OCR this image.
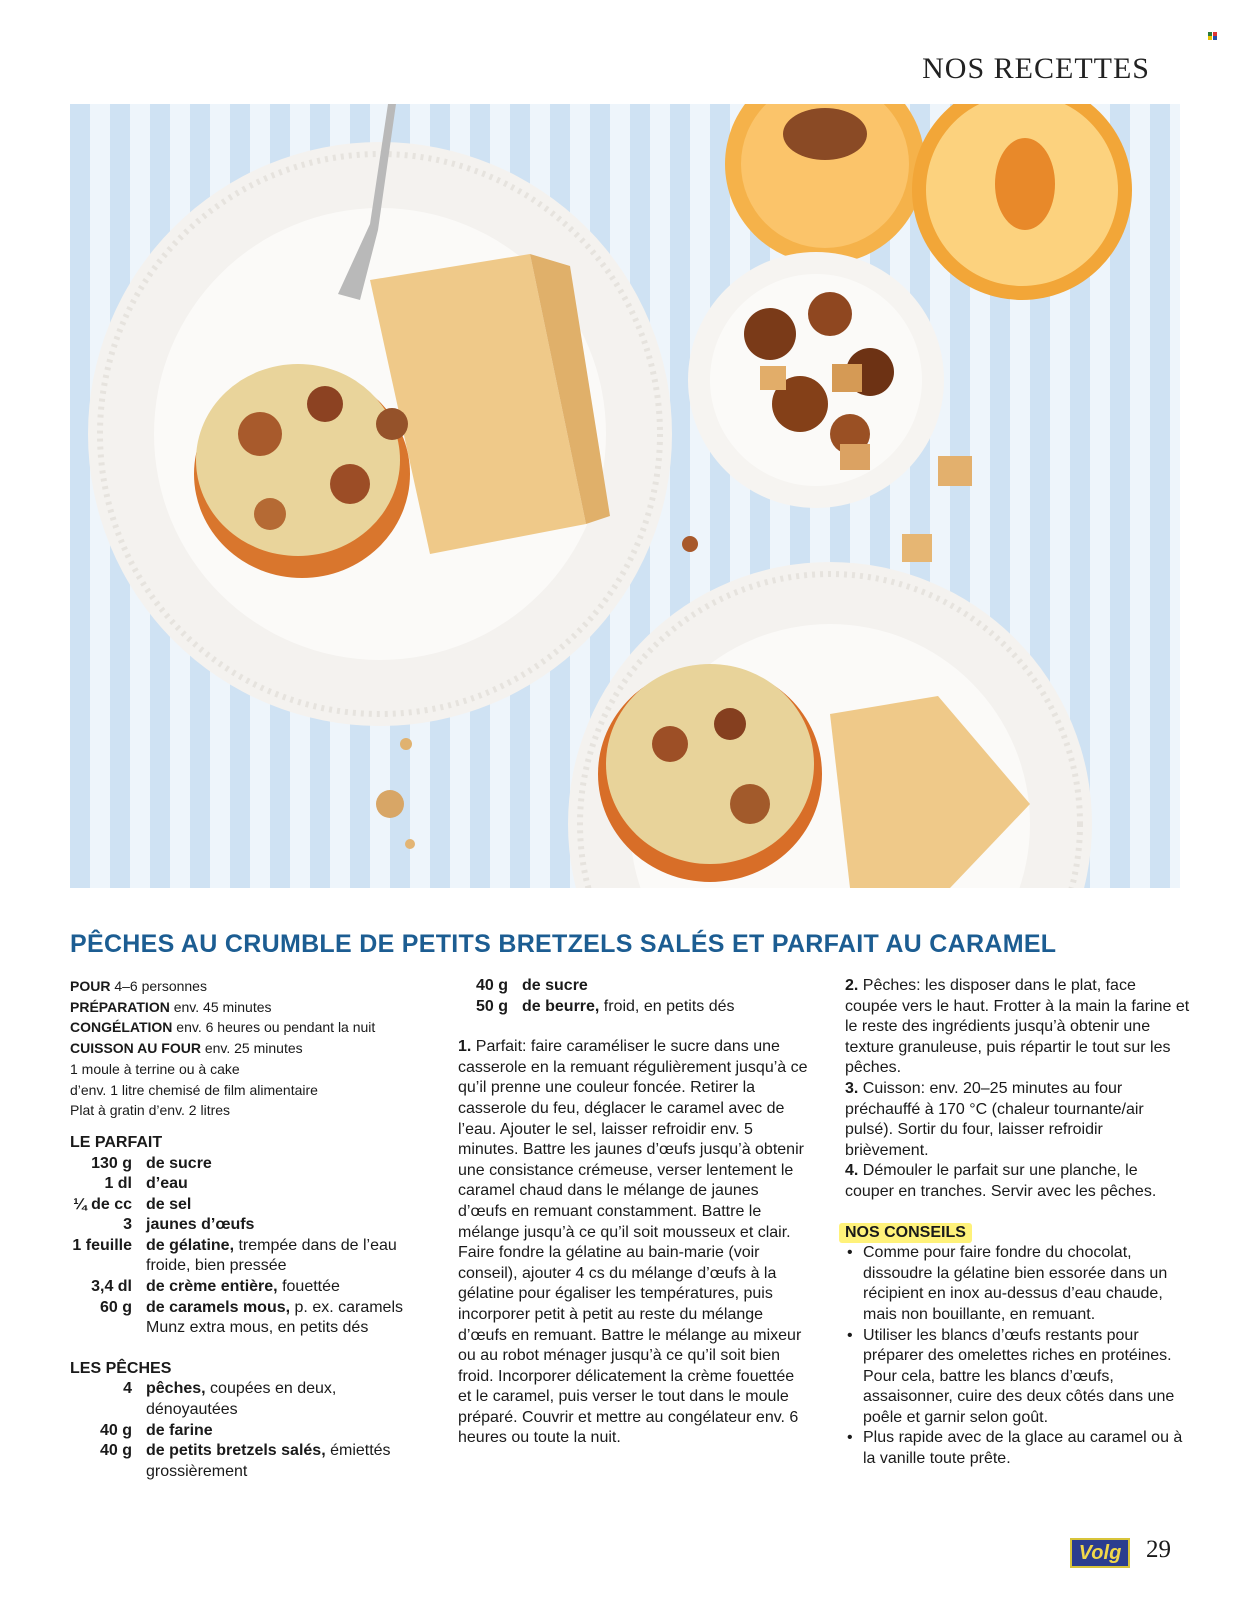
NOS RECETTES
PÊCHES AU CRUMBLE DE PETITS BRETZELS SALÉS ET PARFAIT AU CARAMEL
POUR 4–6 personnes
PRÉPARATION env. 45 minutes
CONGÉLATION env. 6 heures ou pendant la nuit
CUISSON AU FOUR env. 25 minutes
1 moule à terrine ou à cake
d’env. 1 litre chemisé de film alimentaire
Plat à gratin d’env. 2 litres
LE PARFAIT
130 g de sucre
1 dl d’eau
¼ de cc de sel
3 jaunes d’œufs
1 feuille de gélatine, trempée dans de l’eau froide, bien pressée
3,4 dl de crème entière, fouettée
60 g de caramels mous, p. ex. caramels Munz extra mous, en petits dés
LES PÊCHES
4 pêches, coupées en deux, dénoyautées
40 g de farine
40 g de petits bretzels salés, émiettés grossièrement
40 g de sucre
50 g de beurre, froid, en petits dés
1. Parfait: faire caraméliser le sucre dans une casserole en la remuant régulièrement jusqu’à ce qu’il prenne une couleur foncée. Retirer la casserole du feu, déglacer le caramel avec de l’eau. Ajouter le sel, laisser refroidir env. 5 minutes. Battre les jaunes d’œufs jusqu’à obtenir une consistance crémeuse, verser lentement le caramel chaud dans le mélange de jaunes d’œufs en remuant constamment. Battre le mélange jusqu’à ce qu’il soit mousseux et clair. Faire fondre la gélatine au bain-marie (voir conseil), ajouter 4 cs du mélange d’œufs à la gélatine pour égaliser les températures, puis incorporer petit à petit au reste du mélange d’œufs en remuant. Battre le mélange au mixeur ou au robot ménager jusqu’à ce qu’il soit bien froid. Incorporer délicatement la crème fouettée et le caramel, puis verser le tout dans le moule préparé. Couvrir et mettre au congélateur env. 6 heures ou toute la nuit.
2. Pêches: les disposer dans le plat, face coupée vers le haut. Frotter à la main la farine et le reste des ingrédients jusqu’à obtenir une texture granuleuse, puis répartir le tout sur les pêches.
3. Cuisson: env. 20–25 minutes au four préchauffé à 170 °C (chaleur tournante/air pulsé). Sortir du four, laisser refroidir brièvement.
4. Démouler le parfait sur une planche, le couper en tranches. Servir avec les pêches.
NOS CONSEILS
• Comme pour faire fondre du chocolat, dissoudre la gélatine bien essorée dans un récipient en inox au-dessus d’eau chaude, mais non bouillante, en remuant.
• Utiliser les blancs d’œufs restants pour préparer des omelettes riches en protéines. Pour cela, battre les blancs d’œufs, assaisonner, cuire des deux côtés dans une poêle et garnir selon goût.
• Plus rapide avec de la glace au caramel ou à la vanille toute prête.
Volg 29
